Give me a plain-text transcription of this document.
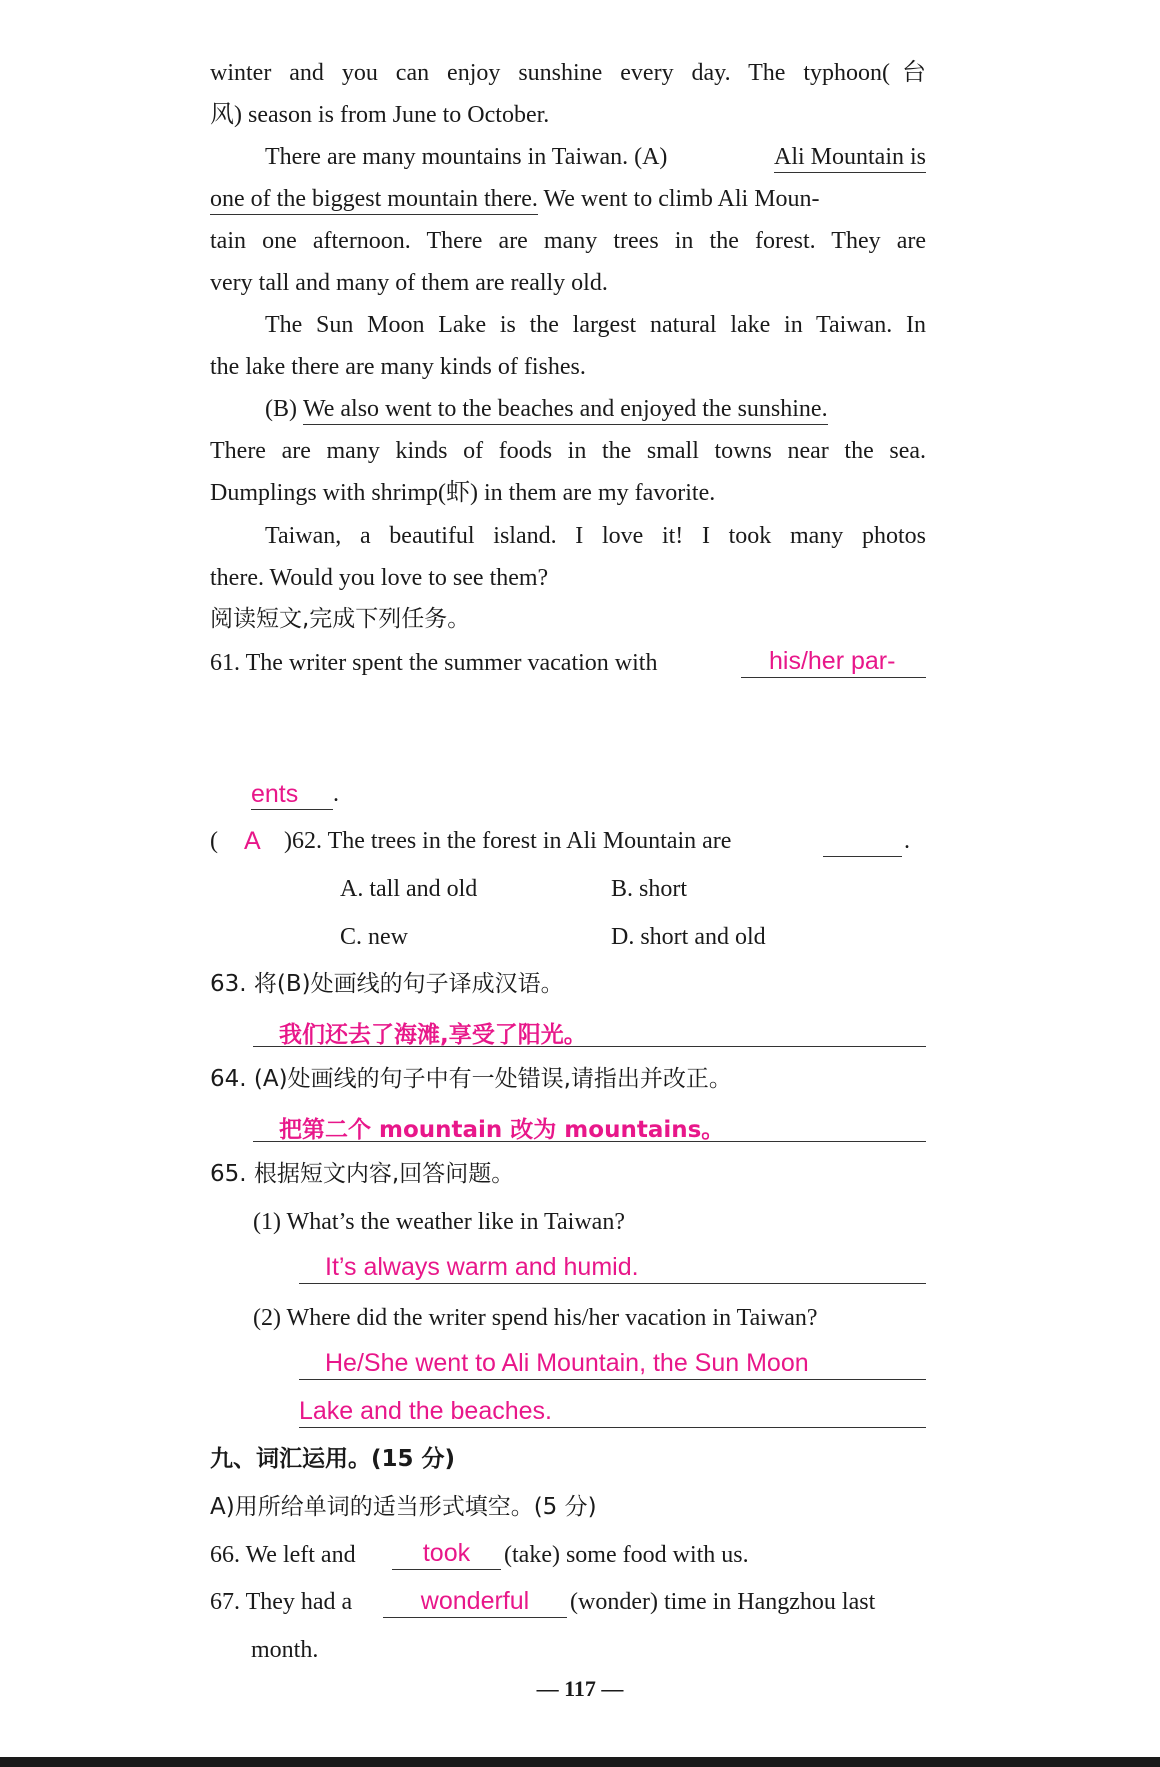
winter and you can enjoy sunshine every day. The typhoon(台
风) season is from June to October.
There are many mountains in Taiwan. (A)	Ali Mountain is
one of the biggest mountain there. We went to climb Ali Moun-
tain one afternoon. There are many trees in the forest. They are
very tall and many of them are really old.
The Sun Moon Lake is the largest natural lake in Taiwan. In
the lake there are many kinds of fishes.
(B) We also went to the beaches and enjoyed the sunshine.
There are many kinds of foods in the small towns near the sea.
Dumplings with shrimp(虾) in them are my favorite.
Taiwan, a beautiful island. I love it! I took many photos
there. Would you love to see them?
阅读短文,完成下列任务。
61. The writer spent the summer vacation with	his/her par-
ents .
( A ) 62. The trees in the forest in Ali Mountain are	.
A. tall and old	B. short
C. new	D. short and old
63. 将(B)处画线的句子译成汉语。
我们还去了海滩,享受了阳光。
64. (A)处画线的句子中有一处错误,请指出并改正。
把第二个 mountain 改为 mountains。
65. 根据短文内容,回答问题。
(1) What’s the weather like in Taiwan?
It’s always warm and humid.
(2) Where did the writer spend his/her vacation in Taiwan?
He/She went to Ali Mountain, the Sun Moon
Lake and the beaches.
九、词汇运用。(15 分)
A)用所给单词的适当形式填空。(5 分)
66. We left and	took	(take) some food with us.
67. They had a	wonderful	(wonder) time in Hangzhou last
month.
— 117 —
